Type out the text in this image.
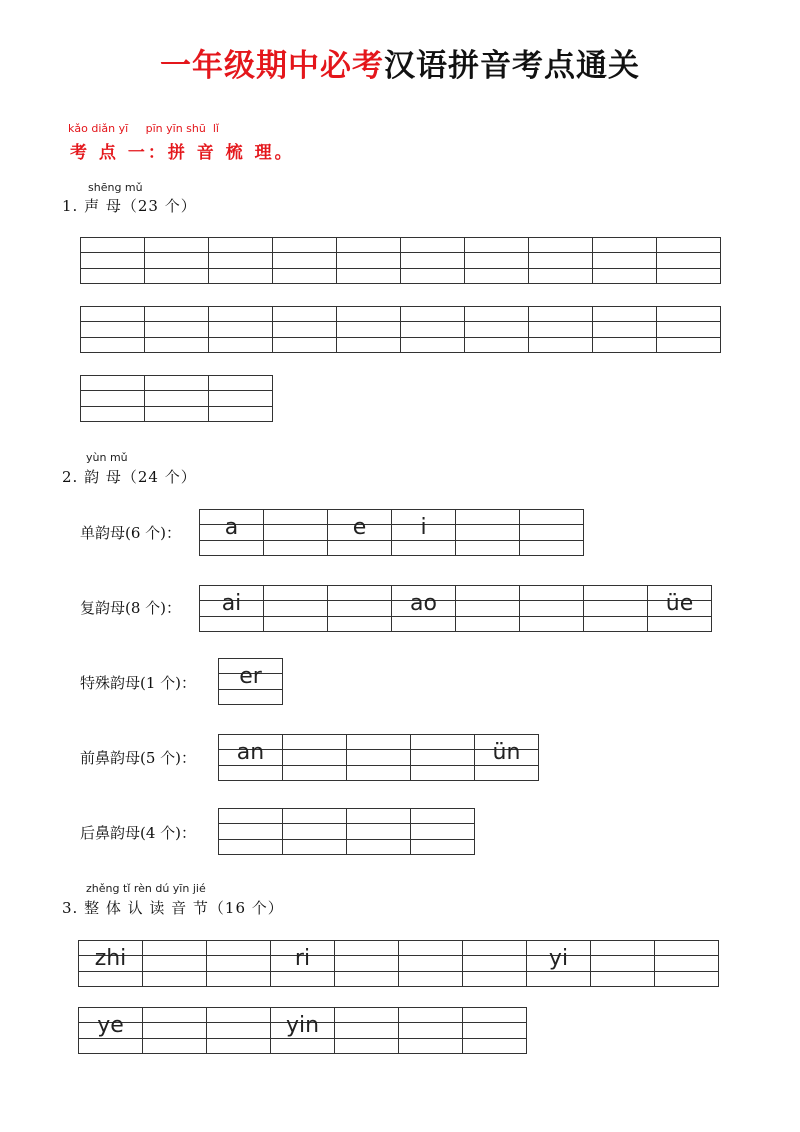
一年级期中必考汉语拼音考点通关
kǎo diǎn yī     pīn yīn shū  lǐ
考 点 一：拼 音 梳 理。
shēng mǔ
1. 声 母（23 个）
yùn mǔ
2. 韵 母（24 个）
单韵母(6 个)：	a	e	i
复韵母(8 个)：	ai	ao	üe
特殊韵母(1 个)：	er
前鼻韵母(5 个)：	an	ün
后鼻韵母(4 个)：
zhěng tǐ rèn dú yīn jié
3. 整 体 认 读 音 节（16 个）
zhi	ri	yi
ye	yin
